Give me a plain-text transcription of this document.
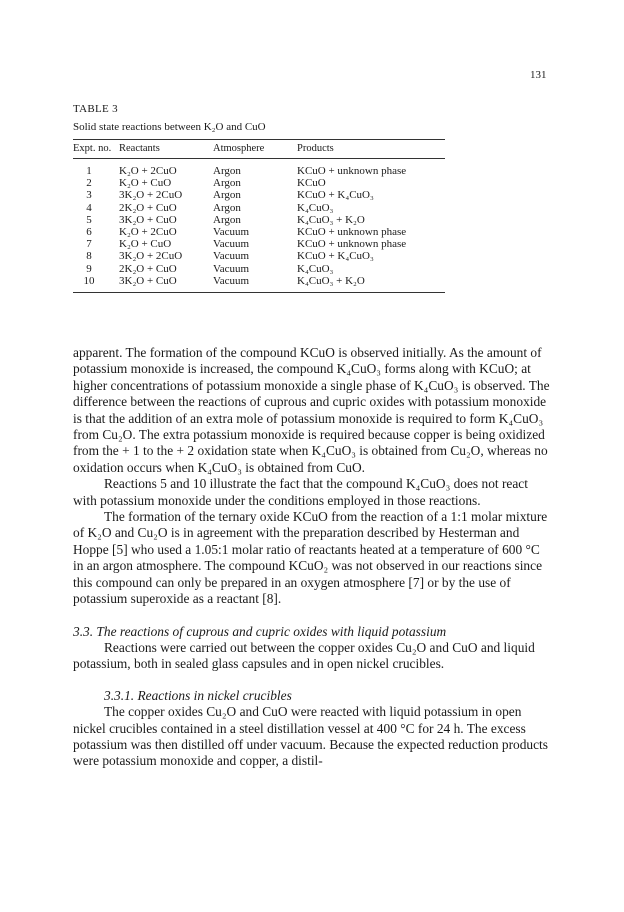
131
TABLE 3
Solid state reactions between K₂O and CuO
Expt. no.	Reactants	Atmosphere	Products

1	K₂O + 2CuO	Argon	KCuO + unknown phase
2	K₂O + CuO	Argon	KCuO
3	3K₂O + 2CuO	Argon	KCuO + K₄CuO₃
4	2K₂O + CuO	Argon	K₄CuO₃
5	3K₂O + CuO	Argon	K₄CuO₃ + K₂O
6	K₂O + 2CuO	Vacuum	KCuO + unknown phase
7	K₂O + CuO	Vacuum	KCuO + unknown phase
8	3K₂O + 2CuO	Vacuum	KCuO + K₄CuO₃
9	2K₂O + CuO	Vacuum	K₄CuO₃
10	3K₂O + CuO	Vacuum	K₄CuO₃ + K₂O

apparent. The formation of the compound KCuO is observed initially. As the amount of potassium monoxide is increased, the compound K₄CuO₃ forms along with KCuO; at higher concentrations of potassium monoxide a single phase of K₄CuO₃ is observed. The difference between the reactions of cuprous and cupric oxides with potassium monoxide is that the addition of an extra mole of potassium monoxide is required to form K₄CuO₃ from Cu₂O. The extra potassium monoxide is required because copper is being oxidized from the + 1 to the + 2 oxidation state when K₄CuO₃ is obtained from Cu₂O, whereas no oxidation occurs when K₄CuO₃ is obtained from CuO.

Reactions 5 and 10 illustrate the fact that the compound K₄CuO₃ does not react with potassium monoxide under the conditions employed in those reactions.

The formation of the ternary oxide KCuO from the reaction of a 1:1 molar mixture of K₂O and Cu₂O is in agreement with the preparation described by Hesterman and Hoppe [5] who used a 1.05:1 molar ratio of reactants heated at a temperature of 600 °C in an argon atmosphere. The compound KCuO₂ was not observed in our reactions since this compound can only be prepared in an oxygen atmosphere [7] or by the use of potassium superoxide as a reactant [8].

3.3. The reactions of cuprous and cupric oxides with liquid potassium

Reactions were carried out between the copper oxides Cu₂O and CuO and liquid potassium, both in sealed glass capsules and in open nickel crucibles.

3.3.1. Reactions in nickel crucibles

The copper oxides Cu₂O and CuO were reacted with liquid potassium in open nickel crucibles contained in a steel distillation vessel at 400 °C for 24 h. The excess potassium was then distilled off under vacuum. Because the expected reduction products were potassium monoxide and copper, a distil-
